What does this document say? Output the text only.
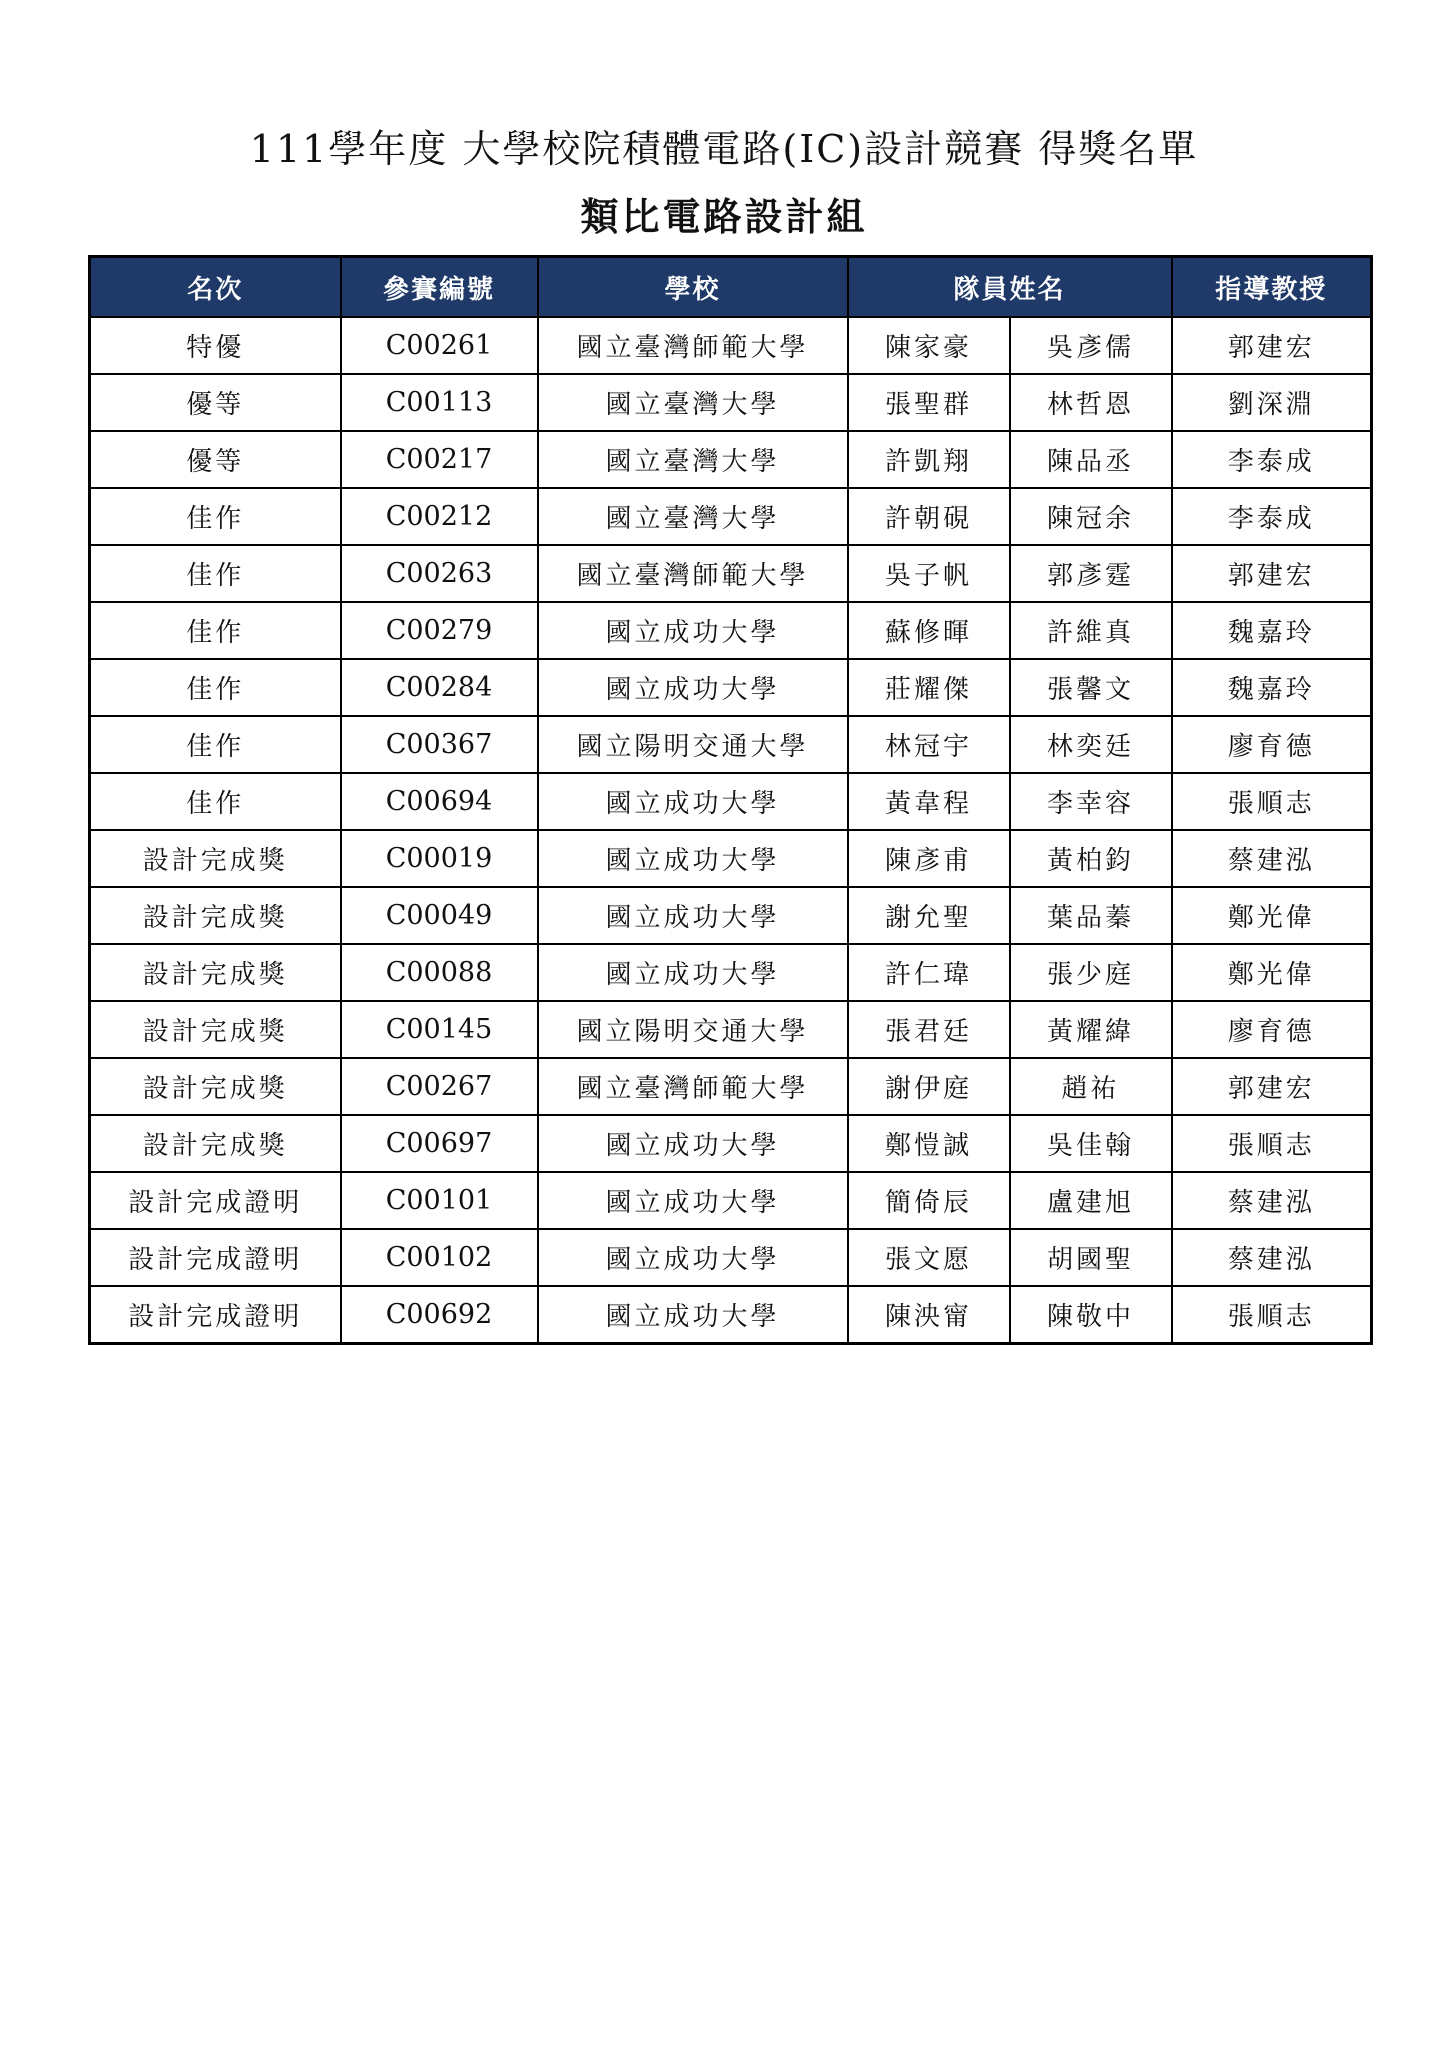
111學年度 大學校院積體電路(IC)設計競賽 得獎名單
類比電路設計組
名次	參賽編號	學校	隊員姓名		指導教授
特優	C00261	國立臺灣師範大學	陳家豪	吳彥儒	郭建宏
優等	C00113	國立臺灣大學	張聖群	林哲恩	劉深淵
優等	C00217	國立臺灣大學	許凱翔	陳品丞	李泰成
佳作	C00212	國立臺灣大學	許朝硯	陳冠余	李泰成
佳作	C00263	國立臺灣師範大學	吳子帆	郭彥霆	郭建宏
佳作	C00279	國立成功大學	蘇修暉	許維真	魏嘉玲
佳作	C00284	國立成功大學	莊耀傑	張馨文	魏嘉玲
佳作	C00367	國立陽明交通大學	林冠宇	林奕廷	廖育德
佳作	C00694	國立成功大學	黃韋程	李幸容	張順志
設計完成獎	C00019	國立成功大學	陳彥甫	黃柏鈞	蔡建泓
設計完成獎	C00049	國立成功大學	謝允聖	葉品蓁	鄭光偉
設計完成獎	C00088	國立成功大學	許仁瑋	張少庭	鄭光偉
設計完成獎	C00145	國立陽明交通大學	張君廷	黃耀緯	廖育德
設計完成獎	C00267	國立臺灣師範大學	謝伊庭	趙祐	郭建宏
設計完成獎	C00697	國立成功大學	鄭愷誠	吳佳翰	張順志
設計完成證明	C00101	國立成功大學	簡倚辰	盧建旭	蔡建泓
設計完成證明	C00102	國立成功大學	張文愿	胡國聖	蔡建泓
設計完成證明	C00692	國立成功大學	陳泱甯	陳敬中	張順志
